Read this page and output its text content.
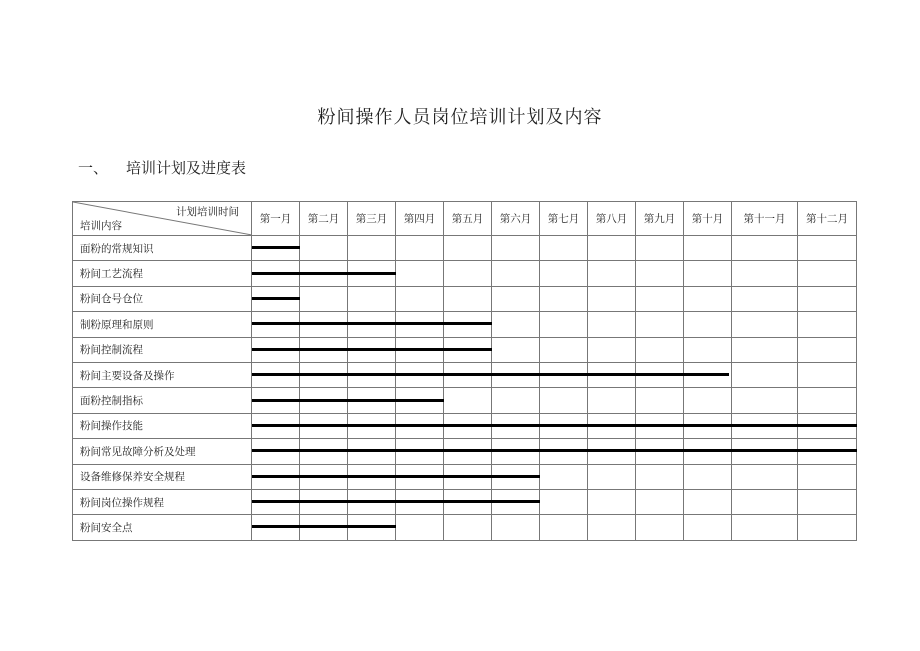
粉间操作人员岗位培训计划及内容
一、 培训计划及进度表
计划培训时间
培训内容	第一月	第二月	第三月	第四月	第五月	第六月	第七月	第八月	第九月	第十月	第十一月	第十二月
面粉的常规知识	

粉间工艺流程	

粉间仓号仓位	

制粉原理和原则	

粉间控制流程	

粉间主要设备及操作	

面粉控制指标	

粉间操作技能	

粉间常见故障分析及处理	

设备维修保养安全规程	

粉间岗位操作规程	

粉间安全点	
